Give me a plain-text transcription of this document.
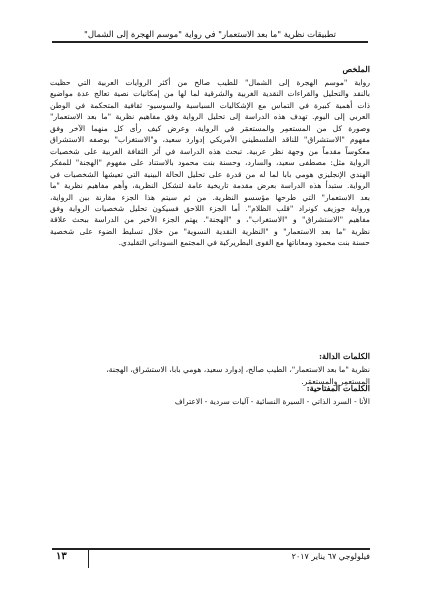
تطبيقات نظرية "ما بعد الاستعمار" في رواية "موسم الهجرة إلى الشمال"

الملخص

رواية "موسم الهجرة إلى الشمال" للطيب صالح من أكثر الروايات العربية التي حظيت
بالنقد والتحليل والقراءات النقدية الغربية والشرقية لما لها من إمكانيات نصية تعالج عدة مواضيع
ذات أهمية كبيرة في التماس مع الإشكاليات السياسية والسوسيو- ثقافية المتحكمة في الوطن
العربي إلى اليوم. تهدف هذه الدراسة إلى تحليل الرواية وفق مفاهيم نظرية "ما بعد الاستعمار"
وصورة كل من المستعمِر والمستعمَر في الرواية، وعرض كيف رأى كل منهما الآخر وفق
مفهوم "الاستشراق" للناقد الفلسطيني الأمريكي إدوارد سعيد، و"الاستغراب" بوصفه الاستشراق
معكوساً مقدماً من وجهة نظر عربية. تبحث هذه الدراسة في أثر الثقافة الغربية على شخصيات
الرواية مثل: مصطفى سعيد، والسارد، وحسنة بنت محمود بالاستناد على مفهوم "الهجنة" للمفكر
الهندي الإنجليزي هومي بابا لما له من قدرة على تحليل الحالة البينية التي تعيشها الشخصيات في
الرواية. ستبدأ هذه الدراسة بعرض مقدمة تاريخية عامة لتشكل النظرية، وأهم مفاهيم نظرية "ما
بعد الاستعمار" التي طرحها مؤسسو النظرية. من ثم سيتم هذا الجزء مقارنة بين الرواية،
ورواية جوزيف كونراد "قلب الظلام". أما الجزء اللاحق فسيكون تحليل شخصيات الرواية وفق
مفاهيم "الاستشراق" و "الاستغراب"، و "الهجنة". يهتم الجزء الأخير من الدراسة ببحث علاقة
نظرية "ما بعد الاستعمار" و "النظرية النقدية النسوية" من خلال تسليط الضوء على شخصية
حسنة بنت محمود ومعاناتها مع القوى البطريركية في المجتمع السوداني التقليدي.

الكلمات الدالة:

نظرية "ما بعد الاستعمار"، الطيب صالح، إدوارد سعيد، هومي بابا، الاستشراق، الهجنة،
المستعمِر والمستعمَر.

الكلمات المفتاحية:

الأنا - السرد الذاتي - السيرة النسائية - آليات سردية - الاعتراف

فيلولوجي ٦٧ يناير ٢٠١٧
١٣
